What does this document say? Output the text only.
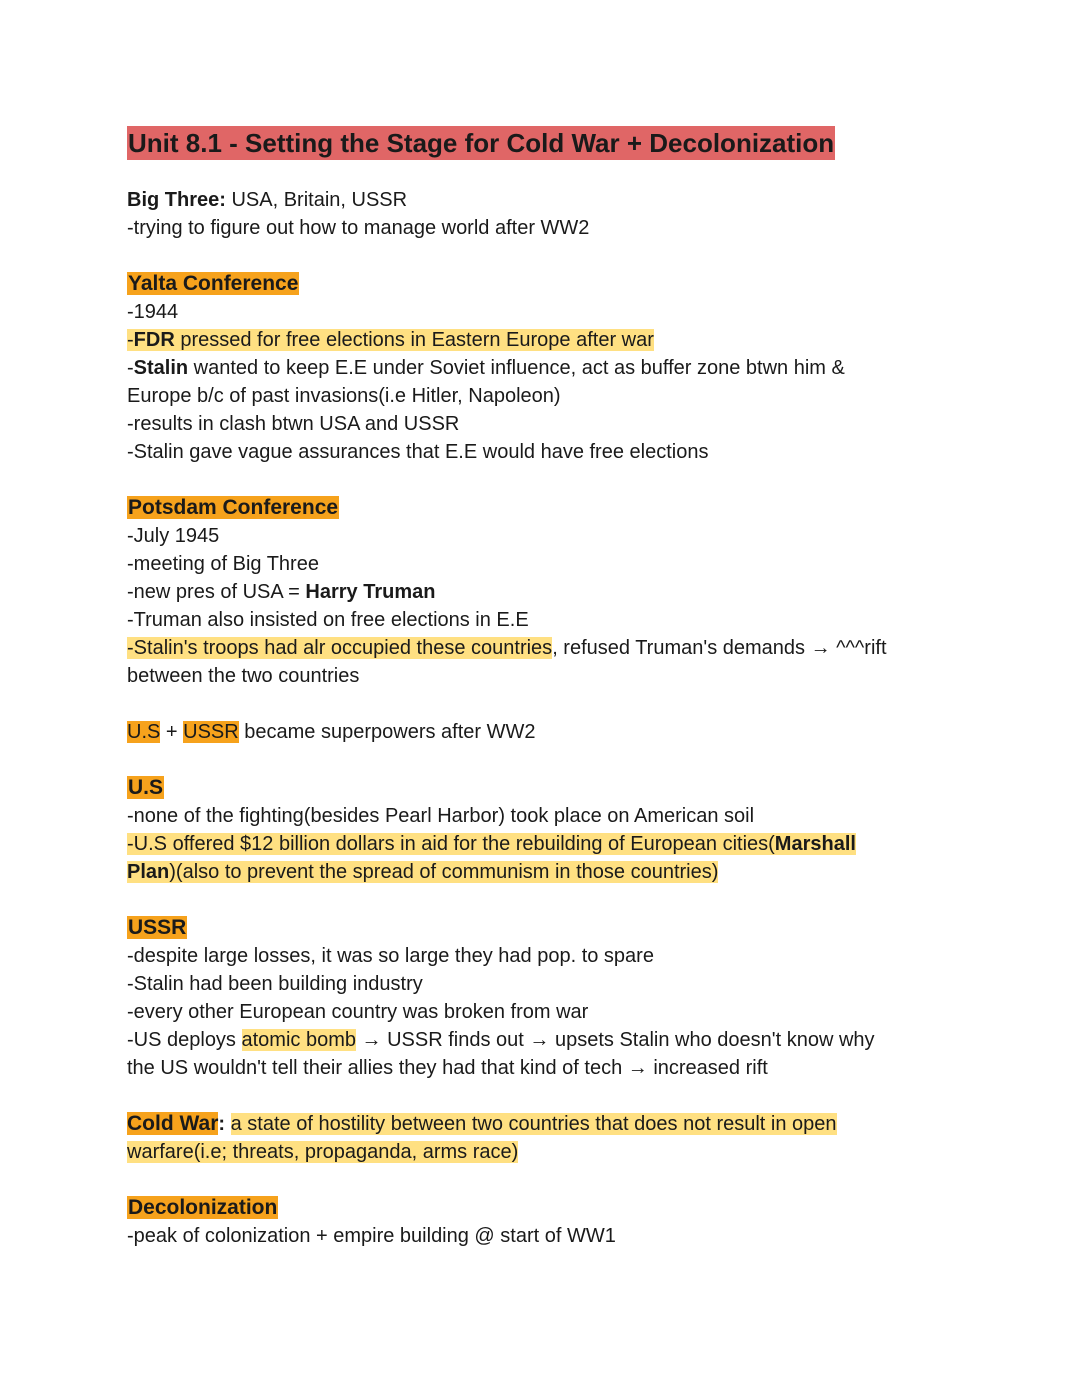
Unit 8.1 - Setting the Stage for Cold War + Decolonization
Big Three: USA, Britain, USSR
-trying to figure out how to manage world after WW2
Yalta Conference
-1944
-FDR pressed for free elections in Eastern Europe after war
-Stalin wanted to keep E.E under Soviet influence, act as buffer zone btwn him &
Europe b/c of past invasions(i.e Hitler, Napoleon)
-results in clash btwn USA and USSR
-Stalin gave vague assurances that E.E would have free elections
Potsdam Conference
-July 1945
-meeting of Big Three
-new pres of USA = Harry Truman
-Truman also insisted on free elections in E.E
-Stalin's troops had alr occupied these countries, refused Truman's demands → ^^^rift
between the two countries
U.S + USSR became superpowers after WW2
U.S
-none of the fighting(besides Pearl Harbor) took place on American soil
-U.S offered $12 billion dollars in aid for the rebuilding of European cities(Marshall
Plan)(also to prevent the spread of communism in those countries)
USSR
-despite large losses, it was so large they had pop. to spare
-Stalin had been building industry
-every other European country was broken from war
-US deploys atomic bomb → USSR finds out → upsets Stalin who doesn't know why
the US wouldn't tell their allies they had that kind of tech → increased rift
Cold War: a state of hostility between two countries that does not result in open
warfare(i.e; threats, propaganda, arms race)
Decolonization
-peak of colonization + empire building @ start of WW1
